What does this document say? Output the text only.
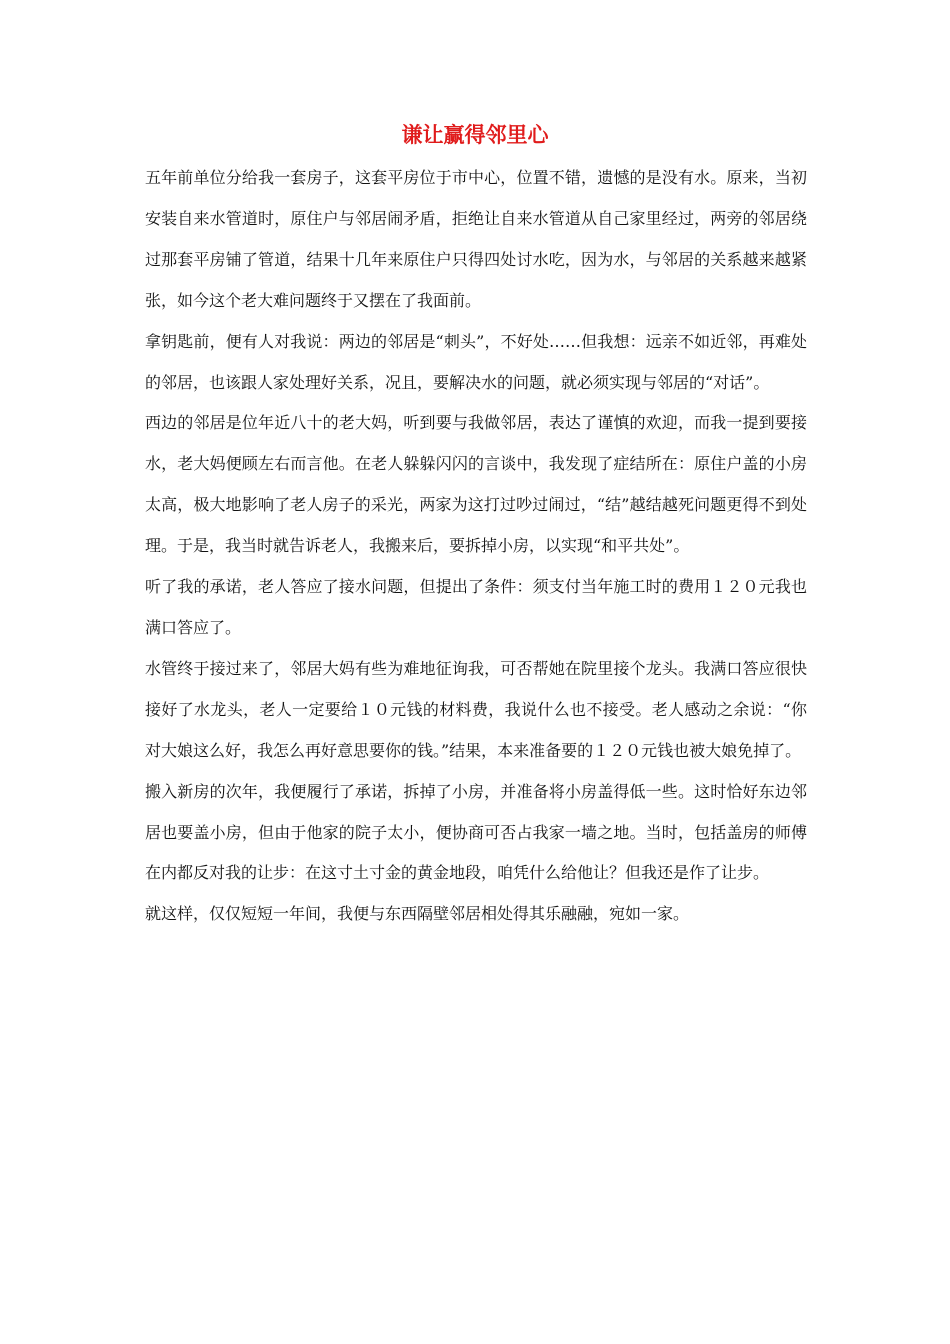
谦让赢得邻里心

五年前单位分给我一套房子，这套平房位于市中心，位置不错，遗憾的是没有水。原来，当初安装自来水管道时，原住户与邻居闹矛盾，拒绝让自来水管道从自己家里经过，两旁的邻居绕过那套平房铺了管道，结果十几年来原住户只得四处讨水吃，因为水，与邻居的关系越来越紧张，如今这个老大难问题终于又摆在了我面前。

拿钥匙前，便有人对我说：两边的邻居是“刺头”，不好处……但我想：远亲不如近邻，再难处的邻居，也该跟人家处理好关系，况且，要解决水的问题，就必须实现与邻居的“对话”。

西边的邻居是位年近八十的老大妈，听到要与我做邻居，表达了谨慎的欢迎，而我一提到要接水，老大妈便顾左右而言他。在老人躲躲闪闪的言谈中，我发现了症结所在：原住户盖的小房太高，极大地影响了老人房子的采光，两家为这打过吵过闹过，“结”越结越死问题更得不到处理。于是，我当时就告诉老人，我搬来后，要拆掉小房，以实现“和平共处”。

听了我的承诺，老人答应了接水问题，但提出了条件：须支付当年施工时的费用１２０元我也满口答应了。

水管终于接过来了，邻居大妈有些为难地征询我，可否帮她在院里接个龙头。我满口答应很快接好了水龙头，老人一定要给１０元钱的材料费，我说什么也不接受。老人感动之余说：“你对大娘这么好，我怎么再好意思要你的钱。”结果，本来准备要的１２０元钱也被大娘免掉了。

搬入新房的次年，我便履行了承诺，拆掉了小房，并准备将小房盖得低一些。这时恰好东边邻居也要盖小房，但由于他家的院子太小，便协商可否占我家一墙之地。当时，包括盖房的师傅在内都反对我的让步：在这寸土寸金的黄金地段，咱凭什么给他让？但我还是作了让步。

就这样，仅仅短短一年间，我便与东西隔壁邻居相处得其乐融融，宛如一家。
